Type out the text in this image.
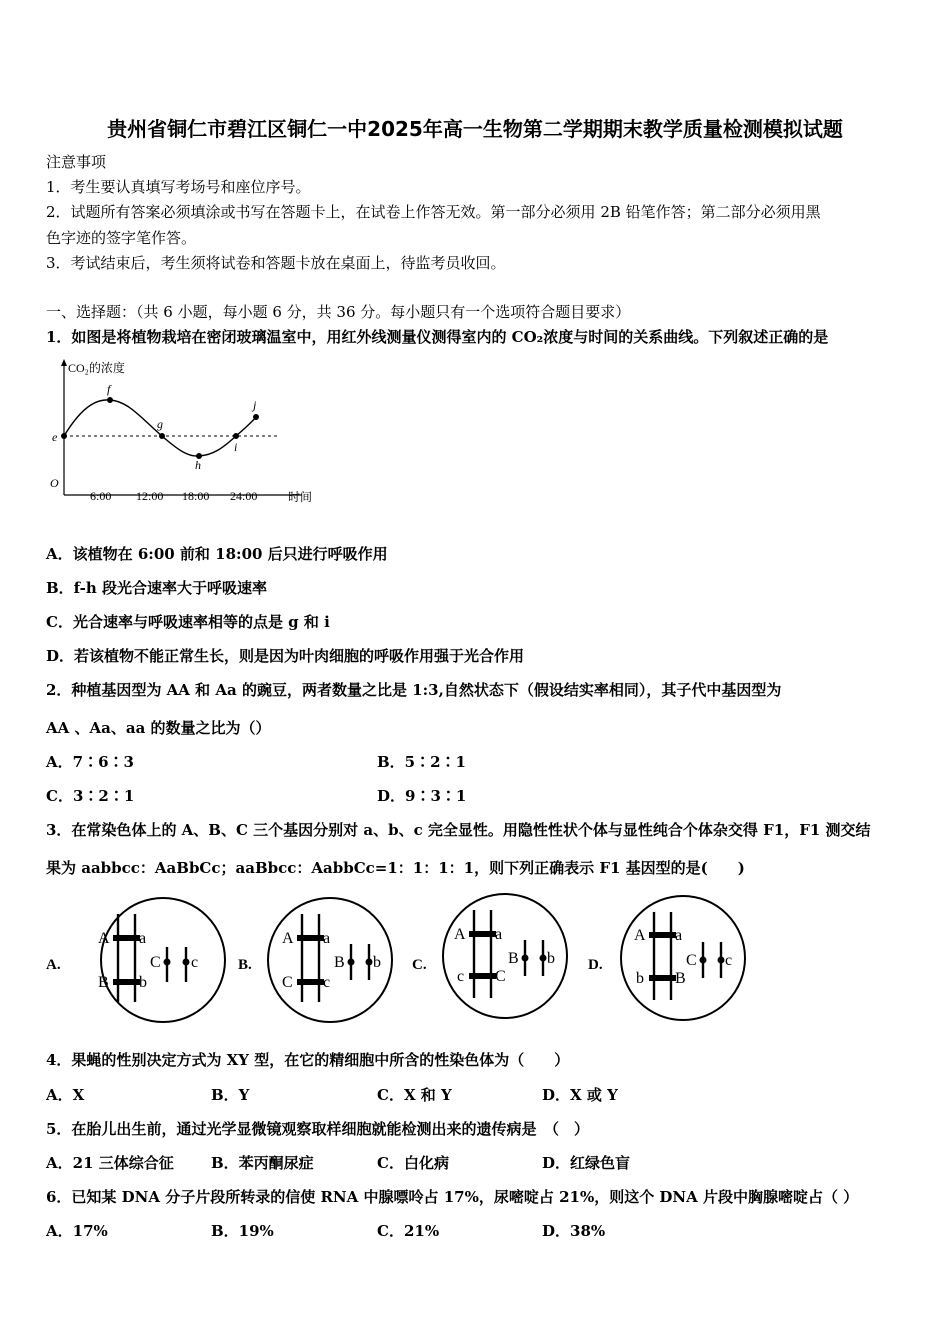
贵州省铜仁市碧江区铜仁一中2025年高一生物第二学期期末教学质量检测模拟试题
注意事项
1．考生要认真填写考场号和座位序号。
2．试题所有答案必须填涂或书写在答题卡上，在试卷上作答无效。第一部分必须用 2B 铅笔作答；第二部分必须用黑
色字迹的签字笔作答。
3．考试结束后，考生须将试卷和答题卡放在桌面上，待监考员收回。
一、选择题：（共 6 小题，每小题 6 分，共 36 分。每小题只有一个选项符合题目要求）
1．如图是将植物栽培在密闭玻璃温室中，用红外线测量仪测得室内的 CO₂浓度与时间的关系曲线。下列叙述正确的是
CO₂的浓度
时间
O
e
f
g
h
i
j
6:00 12:00 18:00 24:00
A．该植物在 6:00 前和 18:00 后只进行呼吸作用
B．f-h 段光合速率大于呼吸速率
C．光合速率与呼吸速率相等的点是 g 和 i
D．若该植物不能正常生长，则是因为叶肉细胞的呼吸作用强于光合作用
2．种植基因型为 AA 和 Aa 的豌豆，两者数量之比是 1:3,自然状态下（假设结实率相同），其子代中基因型为
AA 、Aa、aa 的数量之比为（）
A．7∶6∶3	B．5∶2∶1
C．3∶2∶1	D．9∶3∶1
3．在常染色体上的 A、B、C 三个基因分别对 a、b、c 完全显性。用隐性性状个体与显性纯合个体杂交得 F1，F1 测交结
果为 aabbcc：AaBbCc；aaBbcc：AabbCc=1：1：1：1，则下列正确表示 F1 基因型的是(　　)
A.
A a
B b
C c	B.
A a
C c
B b C.
A a
c C
B b D.
A a
b B
C c
4．果蝇的性别决定方式为 XY 型，在它的精细胞中所含的性染色体为（　　）
A．X	B．Y	C．X 和 Y	D．X 或 Y
5．在胎儿出生前，通过光学显微镜观察取样细胞就能检测出来的遗传病是　（　）
A．21 三体综合征 B．苯丙酮尿症	C．白化病	D．红绿色盲
6．已知某 DNA 分子片段所转录的信使 RNA 中腺嘌呤占 17%，尿嘧啶占 21%，则这个 DNA 片段中胸腺嘧啶占（ ）
A．17%	B．19%	C．21%	D．38%
